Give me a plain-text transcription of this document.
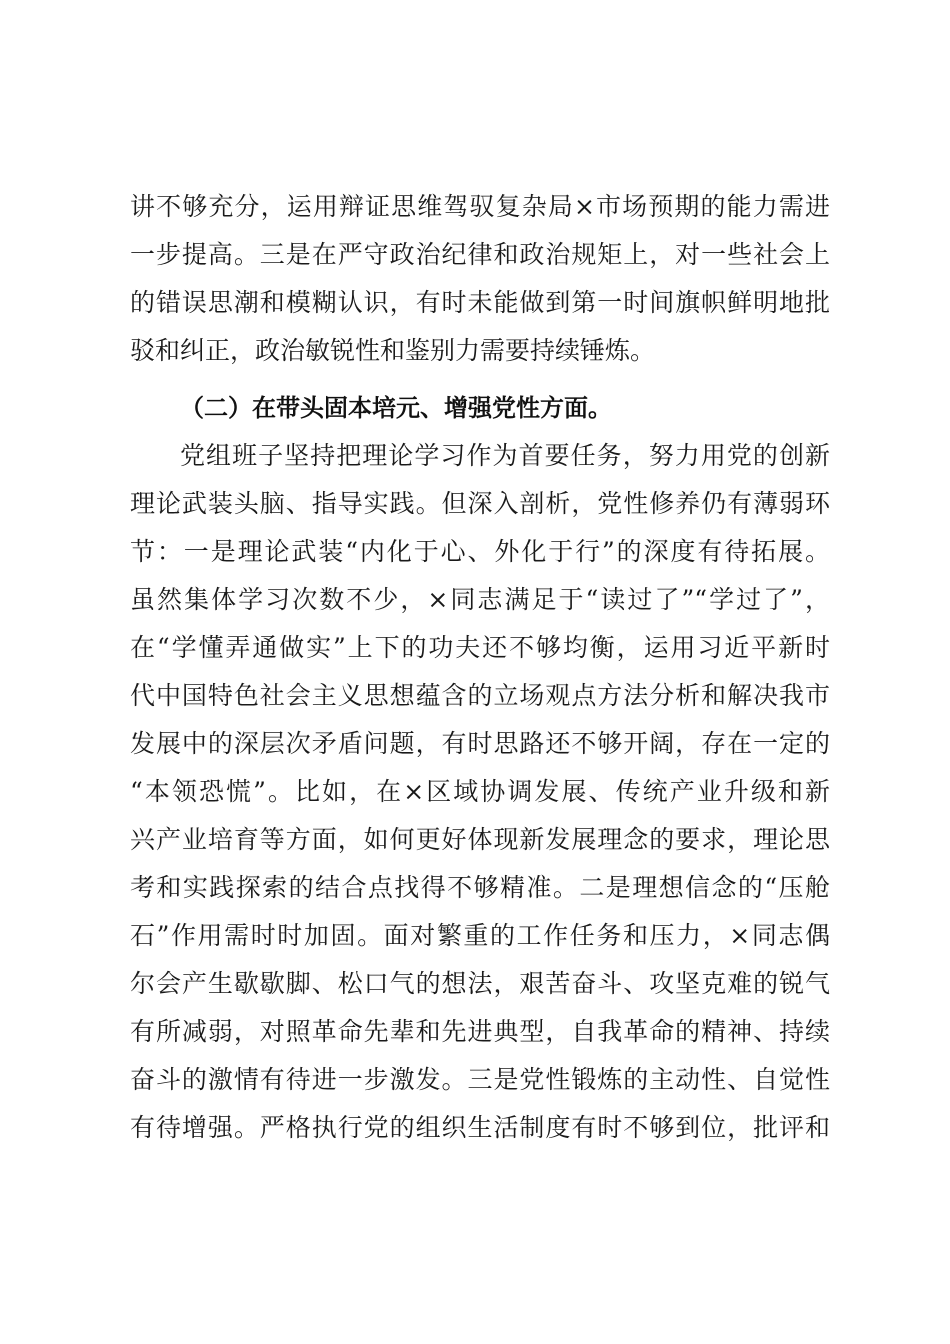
讲不够充分，运用辩证思维驾驭复杂局×市场预期的能力需进
一步提高。三是在严守政治纪律和政治规矩上，对一些社会上
的错误思潮和模糊认识，有时未能做到第一时间旗帜鲜明地批
驳和纠正，政治敏锐性和鉴别力需要持续锤炼。
（二）在带头固本培元、增强党性方面。
党组班子坚持把理论学习作为首要任务，努力用党的创新
理论武装头脑、指导实践。但深入剖析，党性修养仍有薄弱环
节：一是理论武装“内化于心、外化于行”的深度有待拓展。
虽然集体学习次数不少，×同志满足于“读过了”“学过了”，
在“学懂弄通做实”上下的功夫还不够均衡，运用习近平新时
代中国特色社会主义思想蕴含的立场观点方法分析和解决我市
发展中的深层次矛盾问题，有时思路还不够开阔，存在一定的
“本领恐慌”。比如，在×区域协调发展、传统产业升级和新
兴产业培育等方面，如何更好体现新发展理念的要求，理论思
考和实践探索的结合点找得不够精准。二是理想信念的“压舱
石”作用需时时加固。面对繁重的工作任务和压力，×同志偶
尔会产生歇歇脚、松口气的想法，艰苦奋斗、攻坚克难的锐气
有所减弱，对照革命先辈和先进典型，自我革命的精神、持续
奋斗的激情有待进一步激发。三是党性锻炼的主动性、自觉性
有待增强。严格执行党的组织生活制度有时不够到位，批评和
